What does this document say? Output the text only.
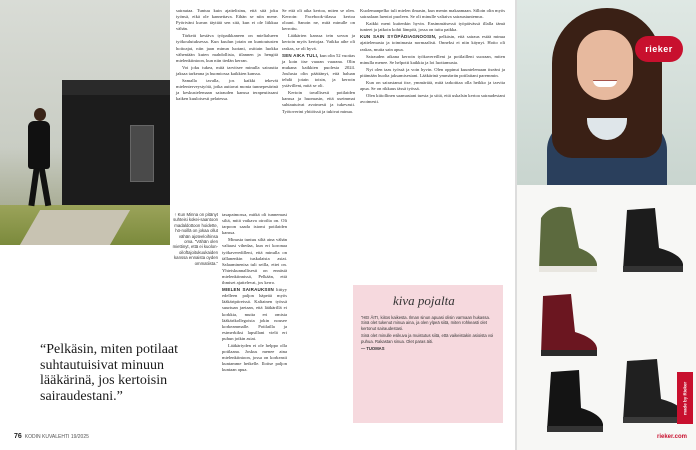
↑ Kun Minna on pitänyt suhteisi kokei-saantoon madaldottoon hoidette, hö-noillä on jokaa ollut vähän ajoteeloihinsa oma. “Vähän olen miettinyt, että ei kuolon-oiloftajoitukuukaiden kanssa ennaista oyden ommatiista.”

tasapaimossa, mitkä oli tunnemasi siltä, mitä vaikava oiroilta on. Oli tarpoon saada istomi potilaiden kanssa.

Minusta tuntuu siltä aina vähän valtaasi vihedaa, kun eri koronaa työkaveredilleni, että minulla on tällanenkin tuskalaista asiat. Salaaminenisa tuli seilla, ettei on. Yhteiskunnallisesti on ennästä mielenkiinnissä, Pelkään, että ihmiset ajattelevat, jos kerro.

MIELEN SAIRAUKSIIN liittyy edelleen paljon häpeää myös lääkäripiireissä. Kaltainen työssä suurtuan jaetaan, että lääkärillä ei korkkia, mutta eri omista lääkärikollegoista jokin nousee korkeammalle. Potilailla ja esimerkiksi lapsillani vielä eri puhun jotkin asiat.

Lääkäriyden ei ole helppo olla potilaana. Joskus menee aina mielenkiintoon, jossa on korkeasti kuntamme hetkelle. Iloitse paljon kuntaan apua.

“Pelkäsin, miten potilaat suhtautuisivat minuun lääkärinä, jos kertoisin sairaudestani.”

sairautaa. Tuntuu kuin ajattelisinu, että sitä joku työnsä, eikä ole kannettava. Eihän se niin mene. Pyöriväni kuvan täyttää sen sitä, kun ei ole liikkua vähän.

Tärkeät kestäva työpaikkaneen on mielialueen työkoulutuksessa. Kun kuulun jotain on kuntoutusten hoitoajat, niin jaan minun luotani, osittain luokka vähentään kuten mahdollista, tilannen ja hengitä mielenkiintoon, kun niin tiedän kerran.

Voi joku tukea, mitä tarvitsee minulla sairautta jaksaa tarkeana ja huomiossa kaikkien kanssa.

Samalla tavalla, jos kaikki tekevät mielenterveystyötä, jotka auttavat monia tunnepesärinä ja keskustelemaan sairauden kanssa terapeutissani kaiken kuuloisesti pelatessa.

Se että oli aika kertoa, miten se olen. Kerroin: Facebook-tilassa kertoa oloani. Sanoin ne, mitä minulle on kerrottu.

Lääkärien kanssa tein sovun ja kertoin myös kertojaa. Vaikka aihe oli raskas, se oli hyvä.

SEN AIKA TULI, kun olin 52 vuotias ja koin itse vaaran vaarana. Olin mukana kaikkien puolesta 2024. Joulusta olin päättänyt, että haluan tehdä jotain toisin, ja kerroin ystävilleni, mitä se oli.

Kertoin tavallisesti potilaiden kanssa ja huomasin, että useimmat suhtautuivat avoimesti ja tukevasti. Työtoverini yhtiöissä ja tukivat minua.

Kuolemanpelko tuli mielen ilmasin, kun menin makaamaan. Silloin olin myös sairaalaan luentoi puoleen. Se oli minulle valtaiva sairaustuntemus.

Kaikki meni kuitenkin hyvin. Ensimmäisessä työpäivässä illalla tämä tunteet ja jatkoin kohti lämpöä, jossa on tuttu paikka.

KUN SAIN SYÖPÄDIAGNOOSIN, pelkäsin, että sairaus estää minua ajattelemasta ja toimimasta normaalisti. Onneksi ei niin käynyt. Hoito oli raskas, mutta sain apua.

Sairauden aikana kerroin työkavereilleni ja potilailleni suoraan, miten minulla menee. Se helpotti kaikkia ja loi luottamusta.

Nyt olen taas työssä ja voin hyvin. Olen oppinut kuuntelemaan itseäni ja pitämään huolta jaksamisestani. Lääkärinä ymmärrän potilaitani paremmin.

Kun on sairastanut itse, ymmärtää, mitä tarkoittaa olla heikko ja tarvita apua. Se on rikkaus tässä työssä.

Olen kiitollinen saamastani tuesta ja siitä, että uskalsin kertoa sairaudestani avoimesti.

kiva pojalta

“HEI ÄITI, kiitos kaikesta. Ilman sinun apuasi olisin varmaan hukassa. Sinä olet tukenut minua aina, ja olen ylpeä siitä, miten rohkeasti olet kertonut sairaudestasi.

Sinä olet minulle esikuva ja muistutus siitä, että vaikeistakin asioista voi puhua. Rakastan sinua. Olet paras äiti.

— TUOMAS

76 KODIN KUVALEHTI 19/2025
rieker
made by Rieker
rieker.com
